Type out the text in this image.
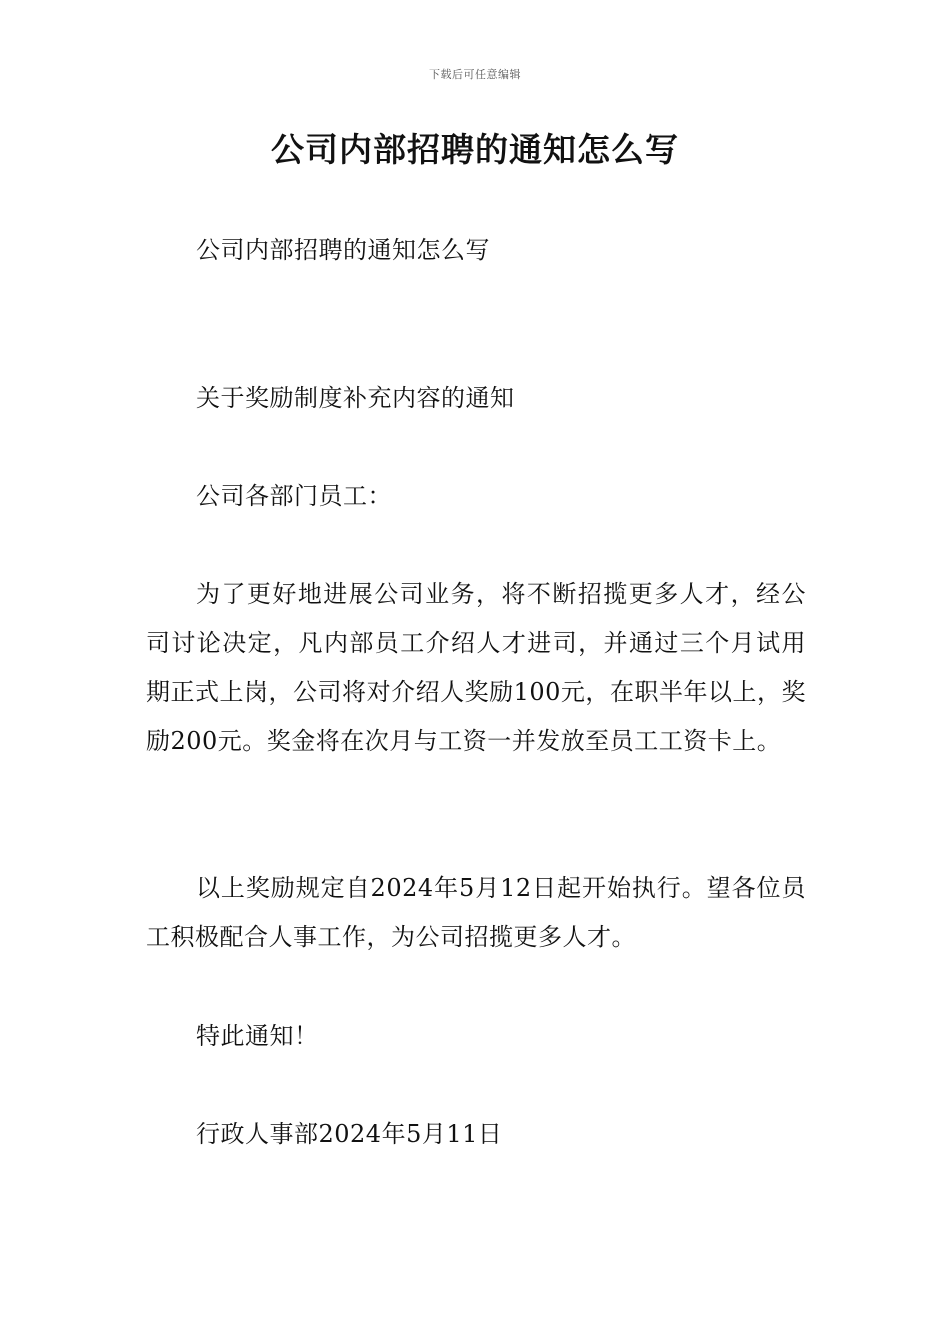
下载后可任意编辑
公司内部招聘的通知怎么写

公司内部招聘的通知怎么写

关于奖励制度补充内容的通知

公司各部门员工：

为了更好地进展公司业务，将不断招揽更多人才，经公司讨论决定，凡内部员工介绍人才进司，并通过三个月试用期正式上岗，公司将对介绍人奖励100元，在职半年以上，奖励200元。奖金将在次月与工资一并发放至员工工资卡上。

以上奖励规定自2024年5月12日起开始执行。望各位员工积极配合人事工作，为公司招揽更多人才。

特此通知！

行政人事部2024年5月11日
